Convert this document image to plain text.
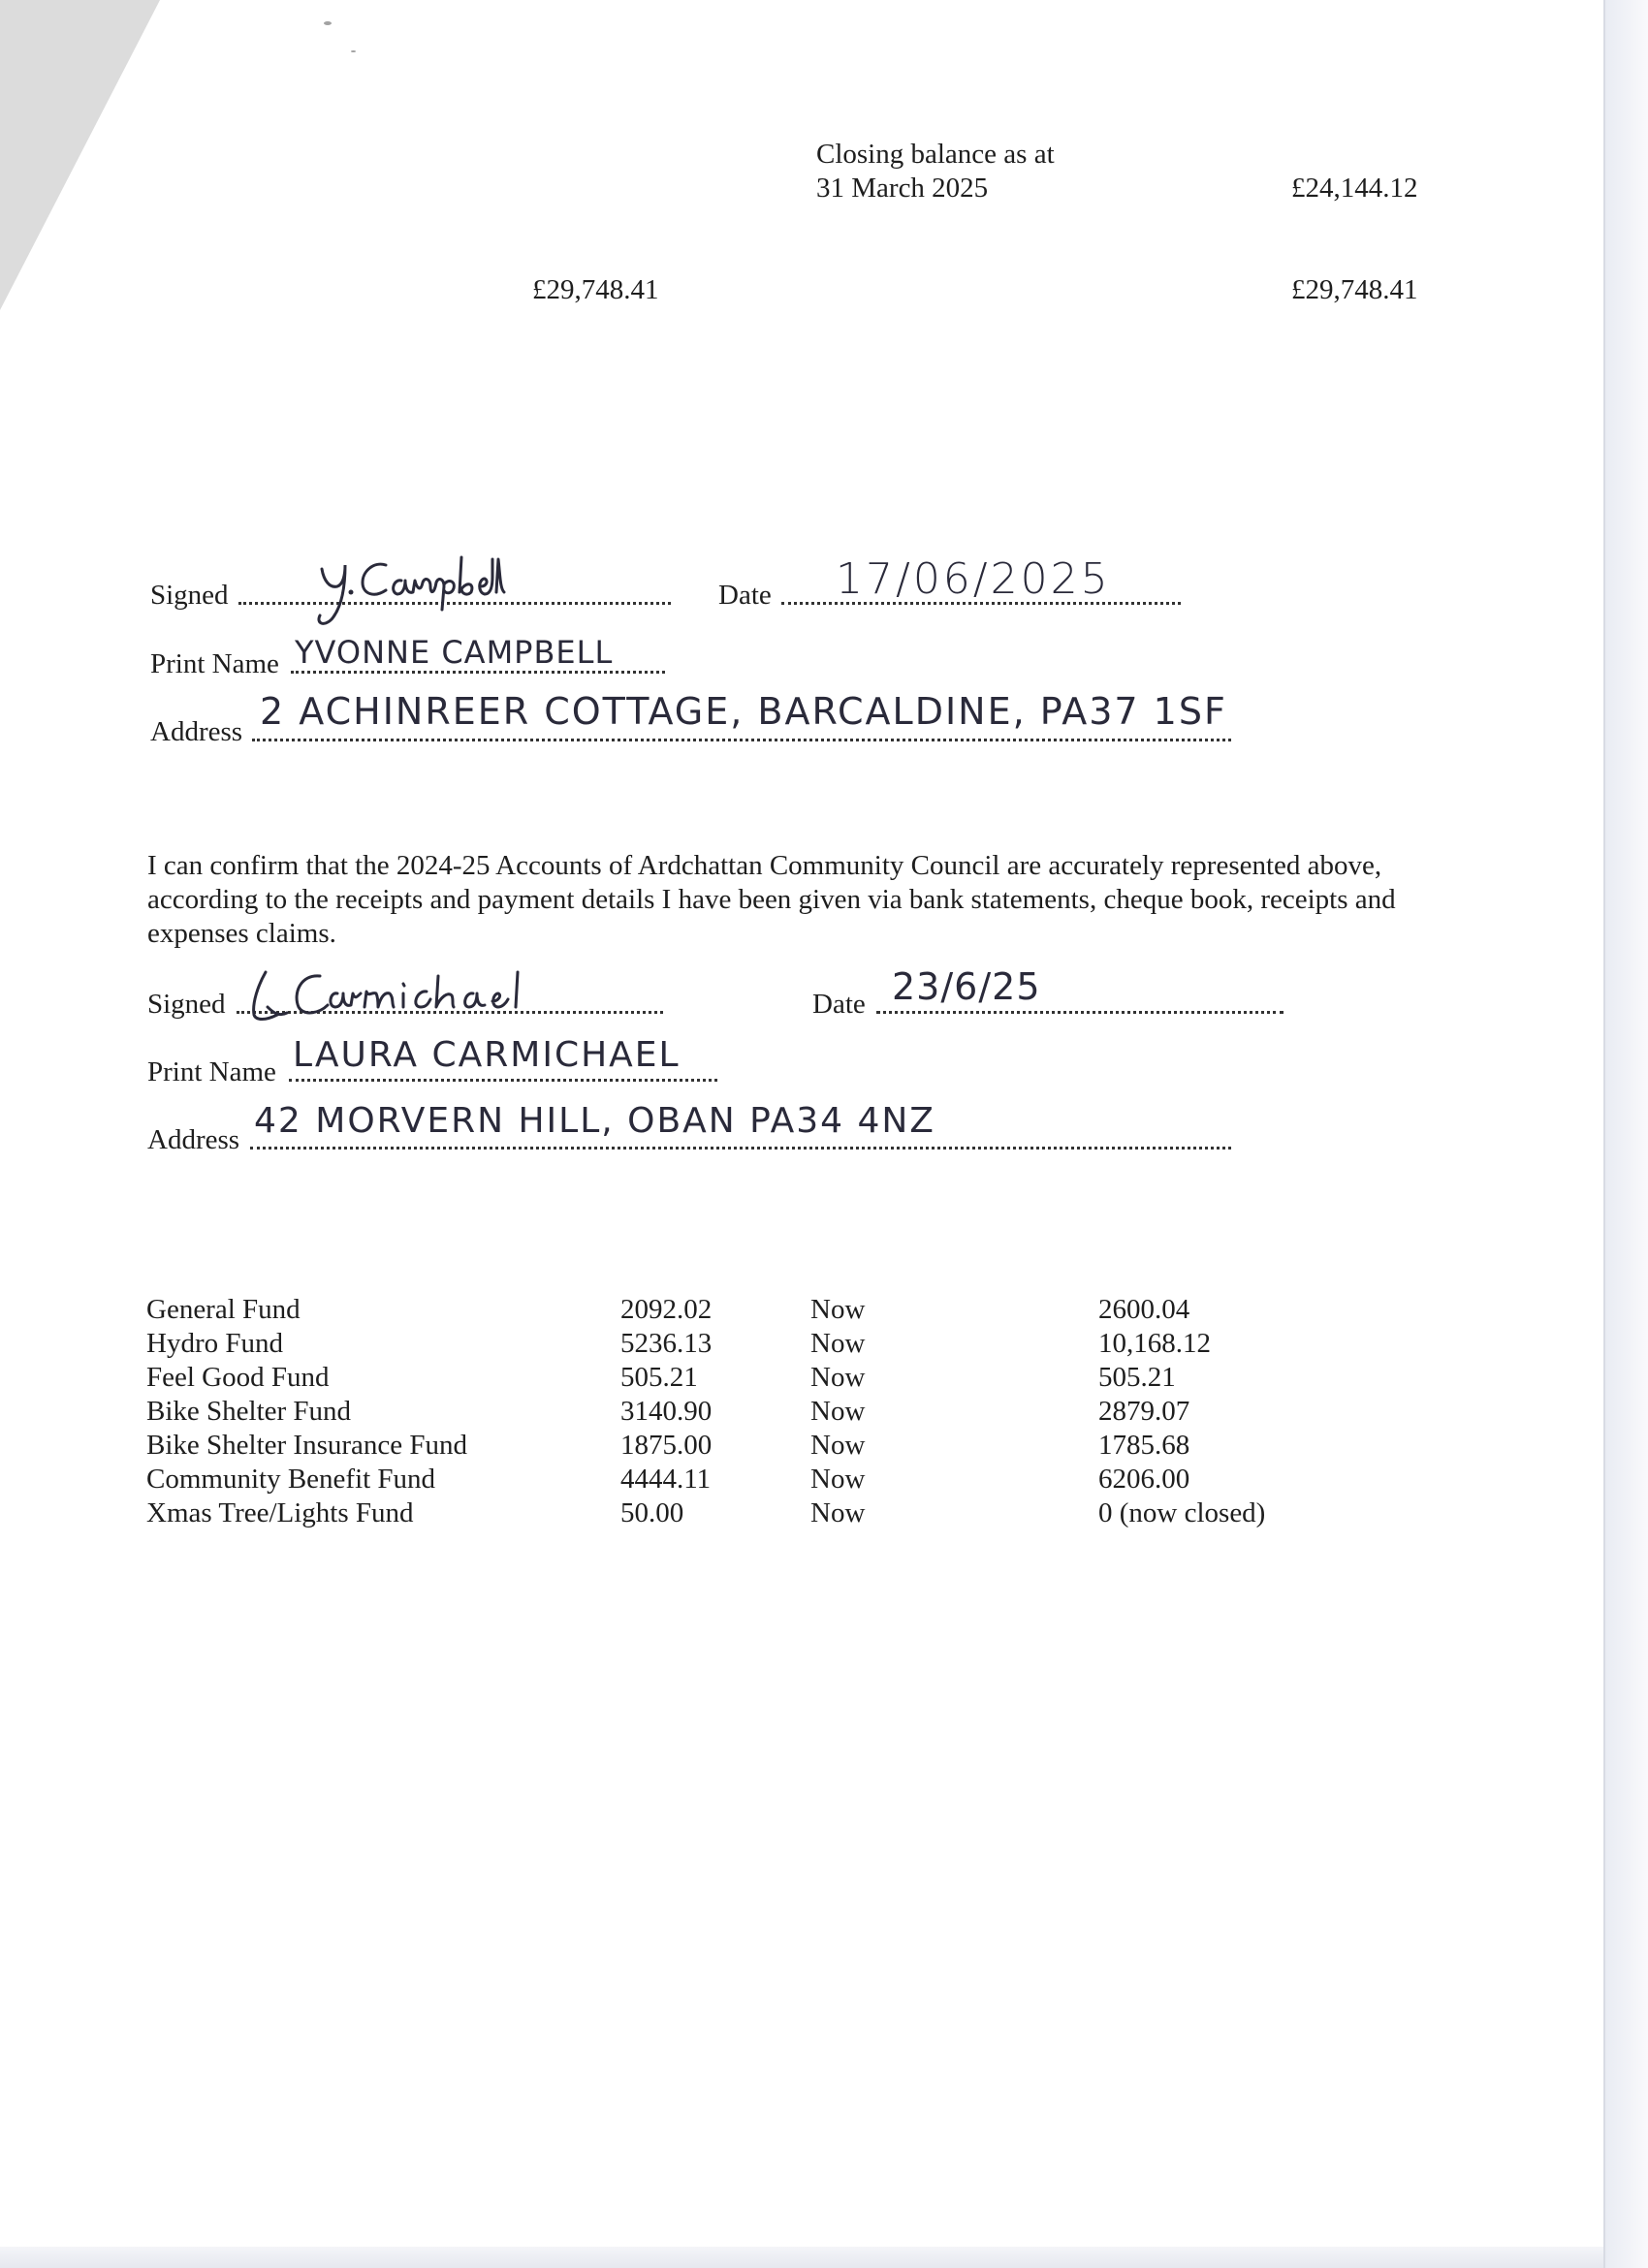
Closing balance as at
31 March 2025	£24,144.12
£29,748.41	£29,748.41
Signed
Y. Campbell
Date 17/06/2025
Print Name YVONNE CAMPBELL
Address 2 ACHINREER COTTAGE, BARCALDINE, PA37 1SF
I can confirm that the 2024-25 Accounts of Ardchattan Community Council are accurately represented above, according to the receipts and payment details I have been given via bank statements, cheque book, receipts and expenses claims.
Signed
L Carmichael
Date 23/6/25
Print Name LAURA CARMICHAEL
Address 42 MORVERN HILL, OBAN PA34 4NZ
General Fund	2092.02	Now	2600.04
Hydro Fund	5236.13	Now	10,168.12
Feel Good Fund	505.21	Now	505.21
Bike Shelter Fund	3140.90	Now	2879.07
Bike Shelter Insurance Fund	1875.00	Now	1785.68
Community Benefit Fund	4444.11	Now	6206.00
Xmas Tree/Lights Fund	50.00	Now	0 (now closed)
